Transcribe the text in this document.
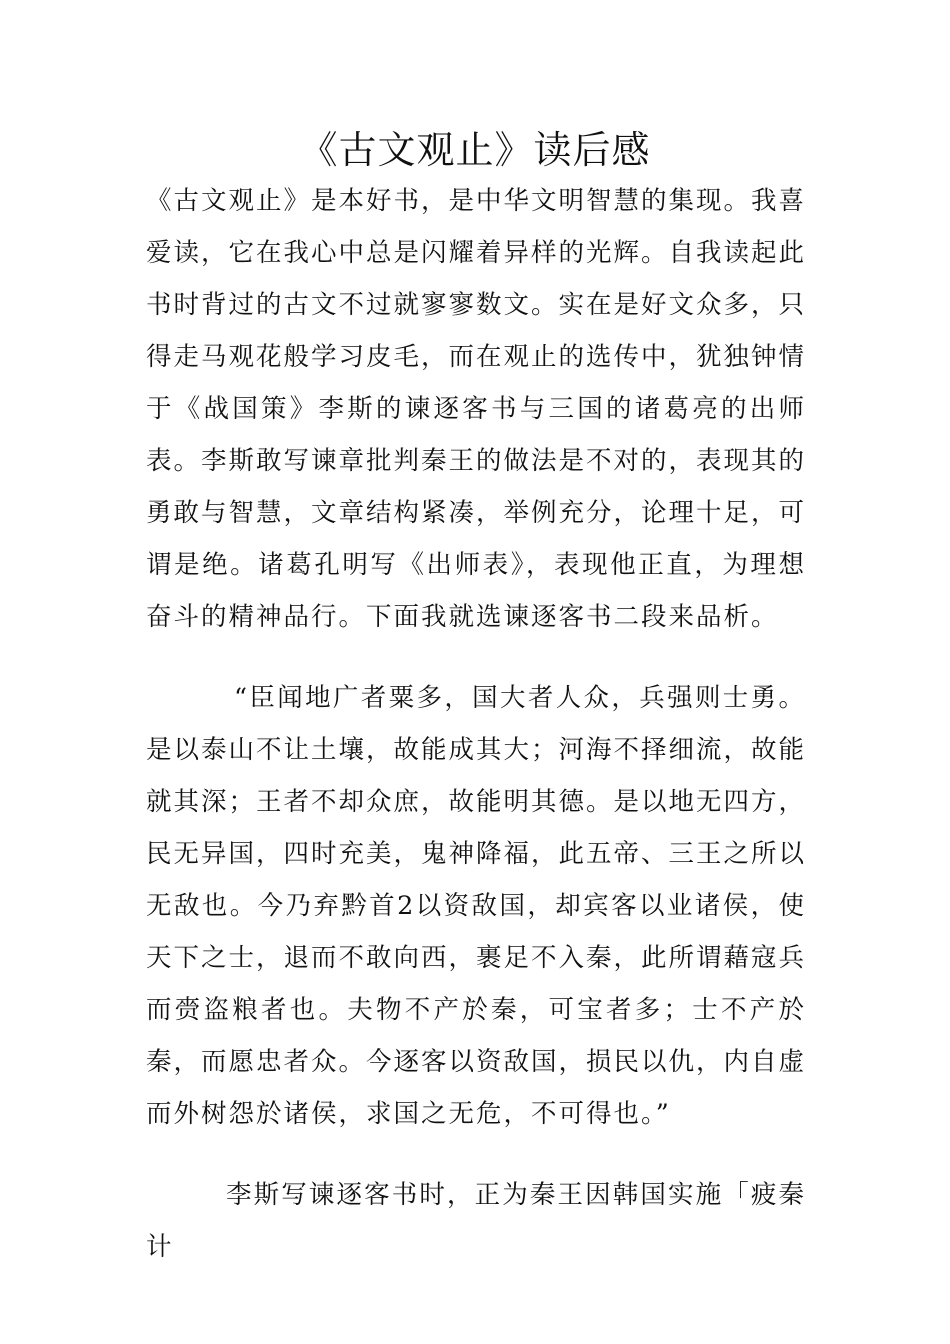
《古文观止》读后感

《古文观止》是本好书，是中华文明智慧的集现。我喜爱读，它在我心中总是闪耀着异样的光辉。自我读起此书时背过的古文不过就寥寥数文。实在是好文众多，只得走马观花般学习皮毛，而在观止的选传中，犹独钟情于《战国策》李斯的谏逐客书与三国的诸葛亮的出师表。李斯敢写谏章批判秦王的做法是不对的，表现其的勇敢与智慧，文章结构紧凑，举例充分，论理十足，可谓是绝。诸葛孔明写《出师表》，表现他正直，为理想奋斗的精神品行。下面我就选谏逐客书二段来品析。

“臣闻地广者粟多，国大者人众，兵强则士勇。是以泰山不让土壤，故能成其大；河海不择细流，故能就其深；王者不却众庶，故能明其德。是以地无四方，民无异国，四时充美，鬼神降福，此五帝、三王之所以无敌也。今乃弃黔首2以资敌国，却宾客以业诸侯，使天下之士，退而不敢向西，裹足不入秦，此所谓藉寇兵而赍盗粮者也。夫物不产於秦，可宝者多；士不产於秦，而愿忠者众。今逐客以资敌国，损民以仇，内自虚而外树怨於诸侯，求国之无危，不可得也。”

李斯写谏逐客书时，正为秦王因韩国实施「疲秦计
